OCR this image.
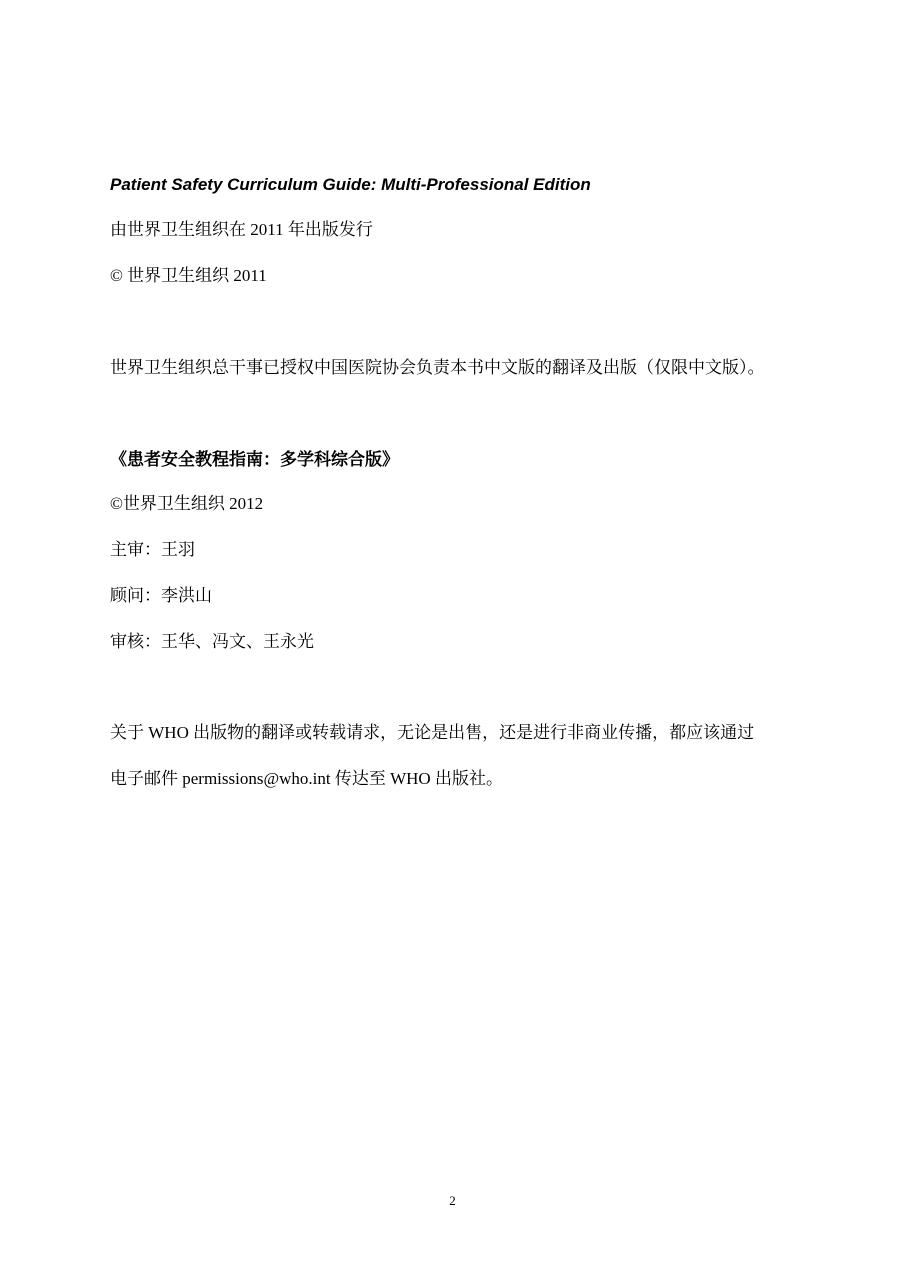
Patient Safety Curriculum Guide: Multi-Professional Edition

由世界卫生组织在 2011 年出版发行

© 世界卫生组织 2011

世界卫生组织总干事已授权中国医院协会负责本书中文版的翻译及出版（仅限中文版）。

《患者安全教程指南：多学科综合版》

©世界卫生组织 2012

主审：王羽

顾问：李洪山

审核：王华、冯文、王永光

关于 WHO 出版物的翻译或转载请求，无论是出售，还是进行非商业传播，都应该通过

电子邮件 permissions@who.int 传达至 WHO 出版社。

2
